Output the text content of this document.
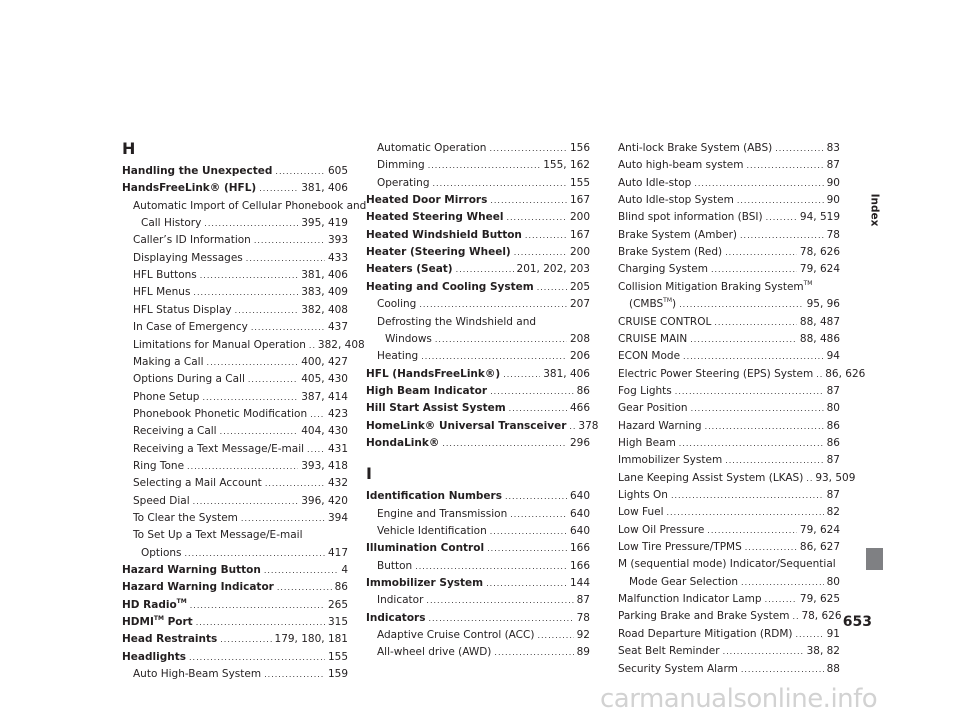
H
Handling the Unexpected .....	605
HandsFreeLink® (HFL) .....	381, 406
Automatic Import of Cellular Phonebook and
Call History .....	395, 419
Caller’s ID Information .....	393
Displaying Messages .....	433
HFL Buttons .....	381, 406
HFL Menus .....	383, 409
HFL Status Display .....	382, 408
In Case of Emergency .....	437
Limitations for Manual Operation ..... 382, 408
Making a Call .....	400, 427
Options During a Call .....	405, 430
Phone Setup .....	387, 414
Phonebook Phonetic Modification ..... 423
Receiving a Call .....	404, 430
Receiving a Text Message/E-mail ..... 431
Ring Tone .....	393, 418
Selecting a Mail Account .....	432
Speed Dial .....	396, 420
To Clear the System .....	394
To Set Up a Text Message/E-mail
Options .....	417
Hazard Warning Button .....	4
Hazard Warning Indicator .....	86
HD Radio™ .....	265
HDMI™ Port .....	315
Head Restraints .....	179, 180, 181
Headlights .....	155
Auto High-Beam System .....	159
Automatic Operation .....	156
Dimming .....	155, 162
Operating .....	155
Heated Door Mirrors .....	167
Heated Steering Wheel .....	200
Heated Windshield Button .....	167
Heater (Steering Wheel) .....	200
Heaters (Seat) .....	201, 202, 203
Heating and Cooling System .....	205
Cooling .....	207
Defrosting the Windshield and
Windows .....	208
Heating .....	206
HFL (HandsFreeLink®) .....	381, 406
High Beam Indicator .....	86
Hill Start Assist System .....	466
HomeLink® Universal Transceiver ..... 378
HondaLink® .....	296
I
Identification Numbers .....	640
Engine and Transmission .....	640
Vehicle Identification .....	640
Illumination Control .....	166
Button .....	166
Immobilizer System .....	144
Indicator .....	87
Indicators .....	78
Adaptive Cruise Control (ACC) .....	92
All-wheel drive (AWD) .....	89
Anti-lock Brake System (ABS) .....	83
Auto high-beam system .....	87
Auto Idle-stop .....	90
Auto Idle-stop System .....	90
Blind spot information (BSI) .....	94, 519
Brake System (Amber) .....	78
Brake System (Red) .....	78, 626
Charging System .....	79, 624
Collision Mitigation Braking System™
(CMBS™) .....	95, 96
CRUISE CONTROL .....	88, 487
CRUISE MAIN .....	88, 486
ECON Mode .....	94
Electric Power Steering (EPS) System ..... 86, 626
Fog Lights .....	87
Gear Position .....	80
Hazard Warning .....	86
High Beam .....	86
Immobilizer System .....	87
Lane Keeping Assist System (LKAS) ..... 93, 509
Lights On .....	87
Low Fuel .....	82
Low Oil Pressure .....	79, 624
Low Tire Pressure/TPMS .....	86, 627
M (sequential mode) Indicator/Sequential
Mode Gear Selection .....	80
Malfunction Indicator Lamp .....	79, 625
Parking Brake and Brake System ..... 78, 626
Road Departure Mitigation (RDM) .....	91
Seat Belt Reminder .....	38, 82
Security System Alarm .....	88
Index
653
carmanualsonline.info
